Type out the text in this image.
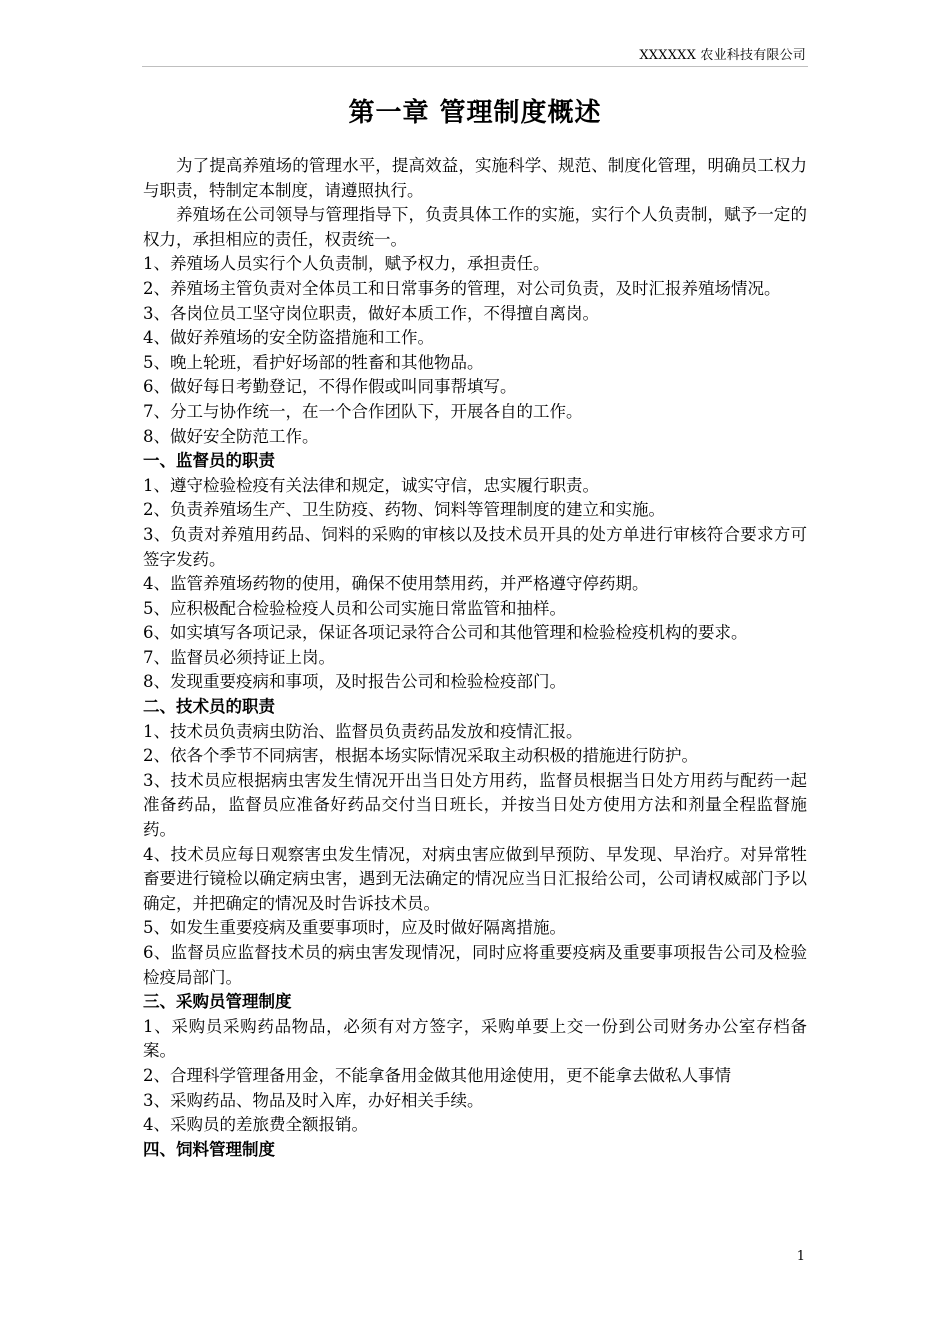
XXXXXX 农业科技有限公司
第一章 管理制度概述
为了提高养殖场的管理水平，提高效益，实施科学、规范、制度化管理，明确员工权力与职责，特制定本制度，请遵照执行。
养殖场在公司领导与管理指导下，负责具体工作的实施，实行个人负责制，赋予一定的权力，承担相应的责任，权责统一。
1、养殖场人员实行个人负责制，赋予权力，承担责任。
2、养殖场主管负责对全体员工和日常事务的管理，对公司负责，及时汇报养殖场情况。
3、各岗位员工坚守岗位职责，做好本质工作，不得擅自离岗。
4、做好养殖场的安全防盗措施和工作。
5、晚上轮班，看护好场部的牲畜和其他物品。
6、做好每日考勤登记，不得作假或叫同事帮填写。
7、分工与协作统一，在一个合作团队下，开展各自的工作。
8、做好安全防范工作。
一、监督员的职责
1、遵守检验检疫有关法律和规定，诚实守信，忠实履行职责。
2、负责养殖场生产、卫生防疫、药物、饲料等管理制度的建立和实施。
3、负责对养殖用药品、饲料的采购的审核以及技术员开具的处方单进行审核符合要求方可签字发药。
4、监管养殖场药物的使用，确保不使用禁用药，并严格遵守停药期。
5、应积极配合检验检疫人员和公司实施日常监管和抽样。
6、如实填写各项记录，保证各项记录符合公司和其他管理和检验检疫机构的要求。
7、监督员必须持证上岗。
8、发现重要疫病和事项，及时报告公司和检验检疫部门。
二、技术员的职责
1、技术员负责病虫防治、监督员负责药品发放和疫情汇报。
2、依各个季节不同病害，根据本场实际情况采取主动积极的措施进行防护。
3、技术员应根据病虫害发生情况开出当日处方用药，监督员根据当日处方用药与配药一起准备药品，监督员应准备好药品交付当日班长，并按当日处方使用方法和剂量全程监督施药。
4、技术员应每日观察害虫发生情况，对病虫害应做到早预防、早发现、早治疗。对异常牲畜要进行镜检以确定病虫害，遇到无法确定的情况应当日汇报给公司，公司请权威部门予以确定，并把确定的情况及时告诉技术员。
5、如发生重要疫病及重要事项时，应及时做好隔离措施。
6、监督员应监督技术员的病虫害发现情况，同时应将重要疫病及重要事项报告公司及检验检疫局部门。
三、采购员管理制度
1、采购员采购药品物品，必须有对方签字，采购单要上交一份到公司财务办公室存档备案。
2、合理科学管理备用金，不能拿备用金做其他用途使用，更不能拿去做私人事情
3、采购药品、物品及时入库，办好相关手续。
4、采购员的差旅费全额报销。
四、饲料管理制度
1
